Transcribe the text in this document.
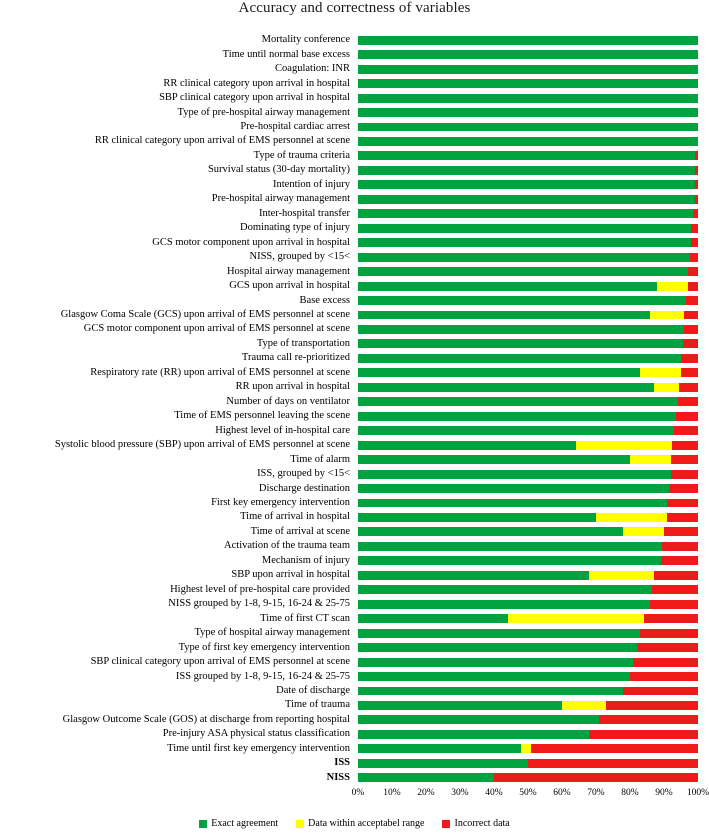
Accuracy and correctness of variables
Mortality conference
Time until normal base excess
Coagulation: INR
RR clinical category upon arrival in hospital
SBP clinical category upon arrival in hospital
Type of pre-hospital airway management
Pre-hospital cardiac arrest
RR clinical category upon arrival of EMS personnel at scene
Type of trauma criteria
Survival status (30-day mortality)
Intention of injury
Pre-hospital airway management
Inter-hospital transfer
Dominating type of injury
GCS motor component upon arrival in hospital
NISS, grouped by <15<
Hospital airway management
GCS upon arrival in hospital
Base excess
Glasgow Coma Scale (GCS) upon arrival of EMS personnel at scene
GCS motor component upon arrival of EMS personnel at scene
Type of transportation
Trauma call re-prioritized
Respiratory rate (RR) upon arrival of EMS personnel at scene
RR upon arrival in hospital
Number of days on ventilator
Time of EMS personnel leaving the scene
Highest level of in-hospital care
Systolic blood pressure (SBP) upon arrival of EMS personnel at scene
Time of alarm
ISS, grouped by <15<
Discharge destination
First key emergency intervention
Time of arrival in hospital
Time of arrival at scene
Activation of the trauma team
Mechanism of injury
SBP upon arrival in hospital
Highest level of pre-hospital care provided
NISS grouped by 1-8, 9-15, 16-24 & 25-75
Time of first CT scan
Type of hospital airway management
Type of first key emergency intervention
SBP clinical category upon arrival of EMS personnel at scene
ISS grouped by 1-8, 9-15, 16-24 & 25-75
Date of discharge
Time of trauma
Glasgow Outcome Scale (GOS) at discharge from reporting hospital
Pre-injury ASA physical status classification
Time until first key emergency intervention
ISS
NISS
0% 10% 20% 30% 40% 50% 60% 70% 80% 90% 100%
Exact agreement	Data within acceptabel range	Incorrect data
